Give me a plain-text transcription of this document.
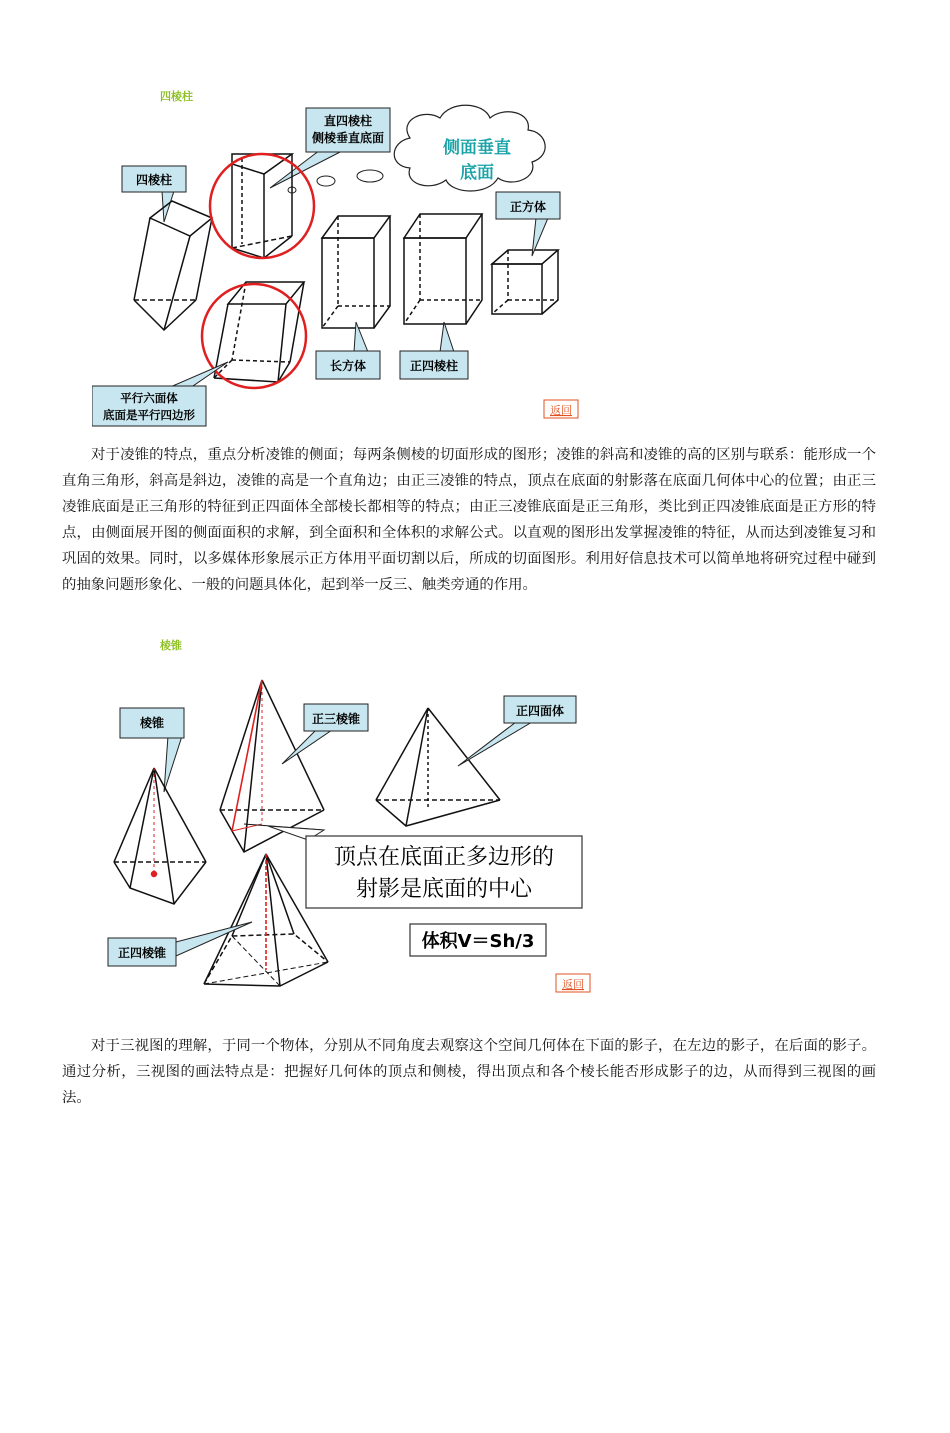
四棱柱
直四棱柱
侧棱垂直底面	侧面垂直
底面
四棱柱
正方体
长方体	正四棱柱
平行六面体
底面是平行四边形	返回

对于凌锥的特点，重点分析凌锥的侧面；每两条侧棱的切面形成的图形；凌锥的斜高和凌锥的高的区别与联系：能形成一个直角三角形，斜高是斜边，凌锥的高是一个直角边；由正三凌锥的特点，顶点在底面的射影落在底面几何体中心的位置；由正三凌锥底面是正三角形的特征到正四面体全部棱长都相等的特点；由正三凌锥底面是正三角形，类比到正四凌锥底面是正方形的特点，由侧面展开图的侧面面积的求解，到全面积和全体积的求解公式。以直观的图形出发掌握凌锥的特征，从而达到凌锥复习和巩固的效果。同时，以多媒体形象展示正方体用平面切割以后，所成的切面图形。利用好信息技术可以简单地将研究过程中碰到的抽象问题形象化、一般的问题具体化，起到举一反三、触类旁通的作用。

棱锥
棱锥	正三棱锥
正四面体
顶点在底面正多边形的
射影是底面的中心
体积V＝Sh/3
正四棱锥
返回

对于三视图的理解，于同一个物体，分别从不同角度去观察这个空间几何体在下面的影子，在左边的影子，在后面的影子。通过分析，三视图的画法特点是：把握好几何体的顶点和侧棱，得出顶点和各个棱长能否形成影子的边，从而得到三视图的画法。
